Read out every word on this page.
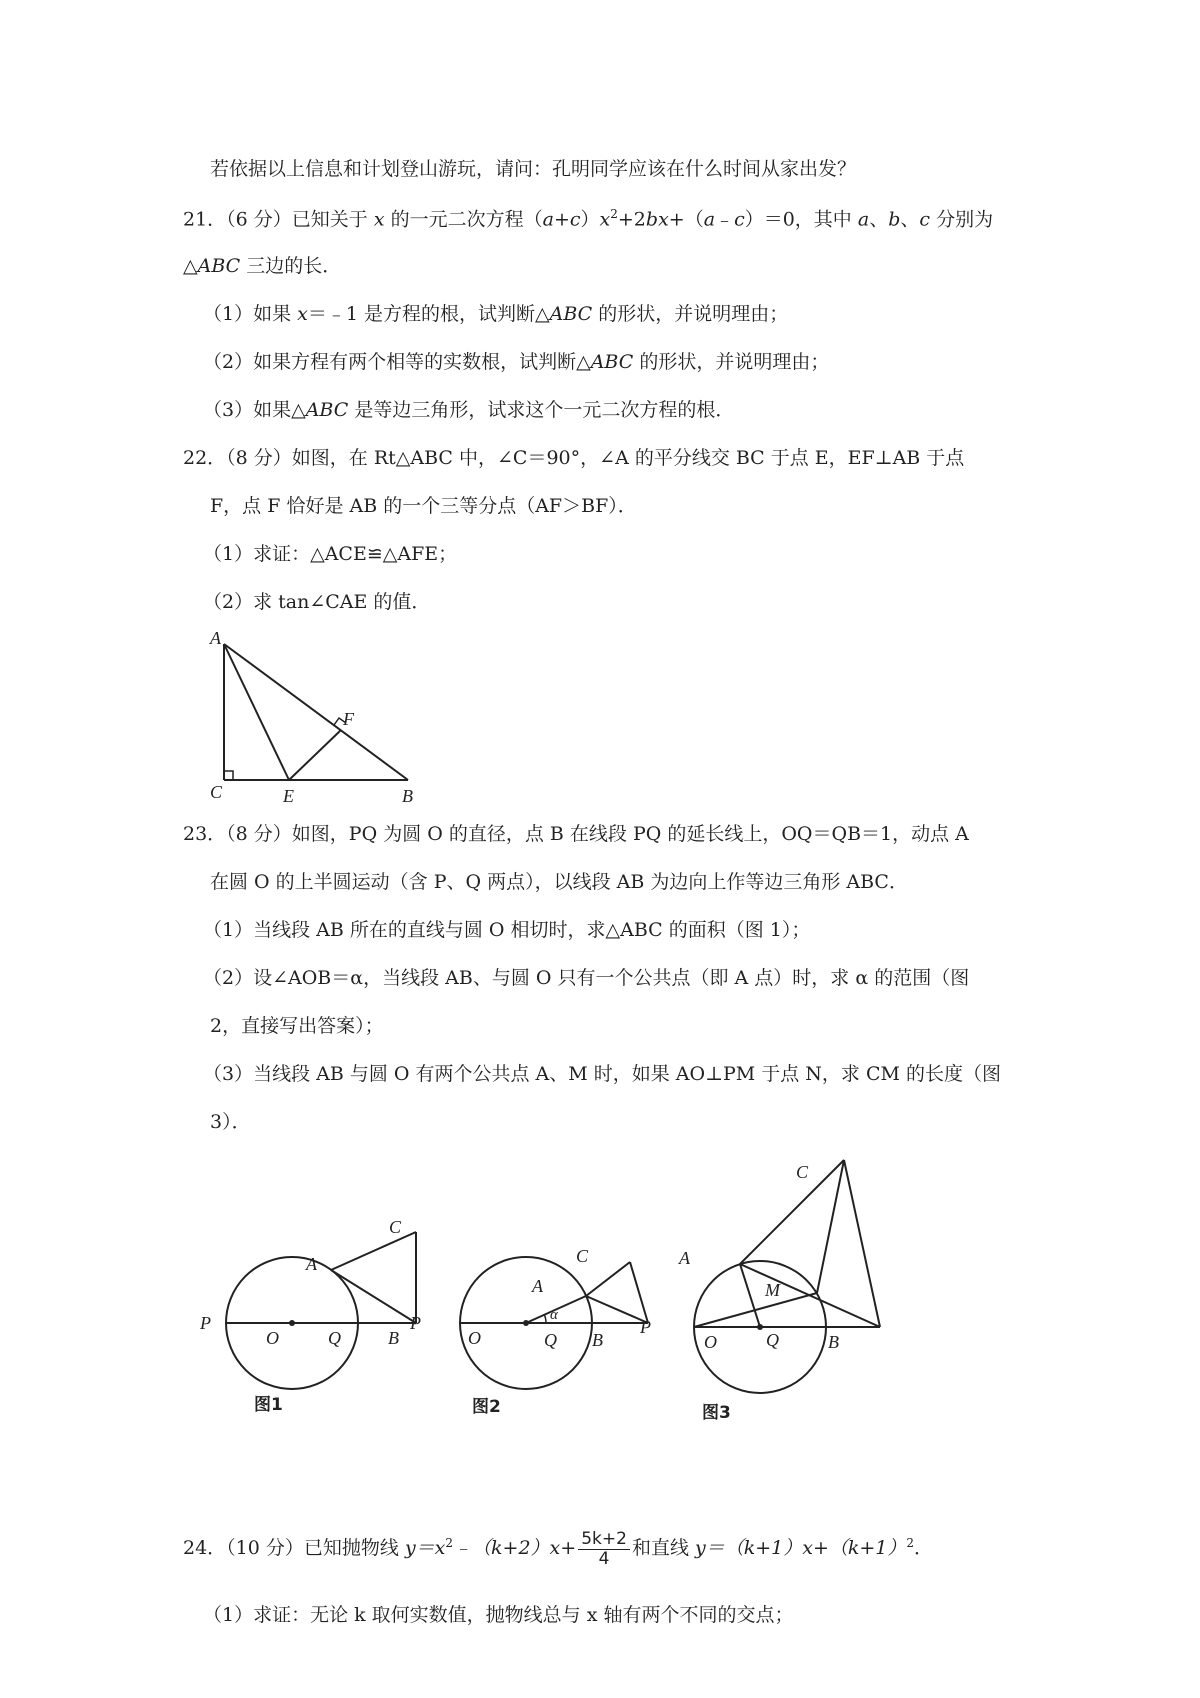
若依据以上信息和计划登山游玩，请问：孔明同学应该在什么时间从家出发？
21．（6 分）已知关于 x 的一元二次方程$(a+c)x^2+2bx+(a﹣c)=0$，其中 a、b、c 分别为
△ABC 三边的长．
（1）如果 x＝﹣1 是方程的根，试判断△ABC 的形状，并说明理由；
（2）如果方程有两个相等的实数根，试判断△ABC 的形状，并说明理由；
（3）如果△ABC 是等边三角形，试求这个一元二次方程的根．
22．（8 分）如图，在 Rt△ABC 中，∠C＝90°，∠A 的平分线交 BC 于点 E，EF⊥AB 于点
F，点 F 恰好是 AB 的一个三等分点（AF＞BF）．
（1）求证：△ACE≌△AFE；
（2）求 tan∠CAE 的值．
A
C	E	B
F
23．（8 分）如图，PQ 为圆 O 的直径，点 B 在线段 PQ 的延长线上，OQ＝QB＝1，动点 A
在圆 O 的上半圆运动（含 P、Q 两点），以线段 AB 为边向上作等边三角形 ABC．
（1）当线段 AB 所在的直线与圆 O 相切时，求△ABC 的面积（图 1）；
（2）设∠AOB＝α，当线段 AB、与圆 O 只有一个公共点（即 A 点）时，求 α 的范围（图
2，直接写出答案）；
（3）当线段 AB 与圆 O 有两个公共点 A、M 时，如果 AO⊥PM 于点 N，求 CM 的长度（图
3）．
P
O	Q	B
A
C
图1
P
O	Q B
A
C
α
图2
P
O	Q	B
A
C
M
图3
24．（10 分）已知抛物线 $y=x^2﹣(k+2)x+ \frac{5k+2}{4}$ 和直线 $y=(k+1)x+(k+1)^2$．
（1）求证：无论 k 取何实数值，抛物线总与 x 轴有两个不同的交点；
